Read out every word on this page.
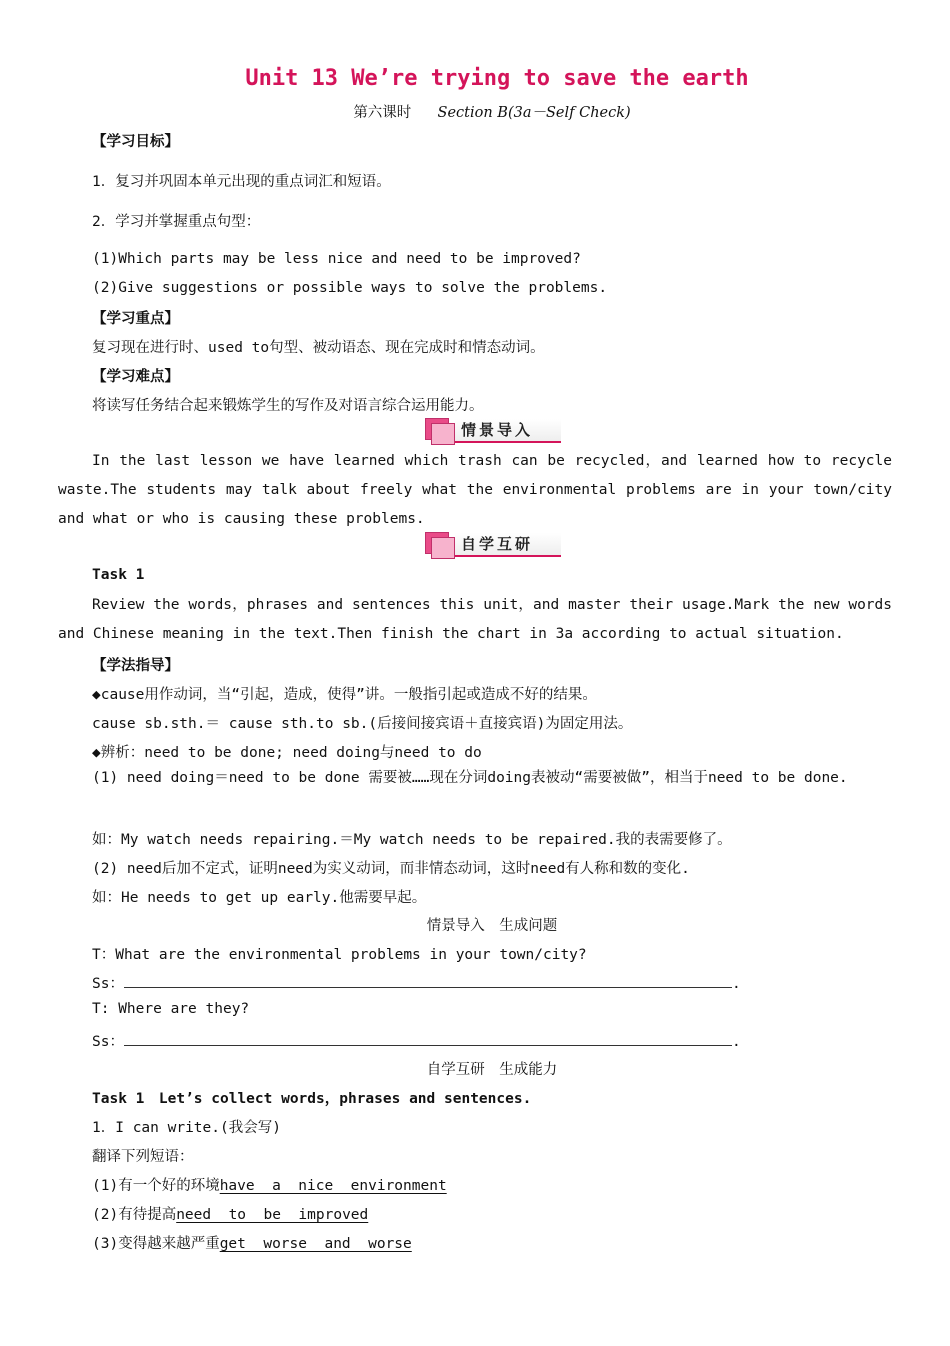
Unit 13 We’re trying to save the earth
第六课时 Section B(3a－Self Check)
【学习目标】
1．复习并巩固本单元出现的重点词汇和短语。
2．学习并掌握重点句型：
(1)Which parts may be less nice and need to be improved?
(2)Give suggestions or possible ways to solve the problems.
【学习重点】
复习现在进行时、used to句型、被动语态、现在完成时和情态动词。
【学习难点】
将读写任务结合起来锻炼学生的写作及对语言综合运用能力。
情景导入
In the last lesson we have learned which trash can be recycled，and learned how to recycle waste.The students may talk about freely what the environmental problems are in your town/city and what or who is causing these problems.
自学互研
Task 1
Review the words，phrases and sentences this unit，and master their usage.Mark the new words and Chinese meaning in the text.Then finish the chart in 3a according to actual situation.
【学法指导】
◆cause用作动词，当“引起，造成，使得”讲。一般指引起或造成不好的结果。
cause sb.sth.＝ cause sth.to sb.(后接间接宾语＋直接宾语)为固定用法。
◆辨析：need to be done; need doing与need to do
(1) need doing＝need to be done 需要被……现在分词doing表被动“需要被做”，相当于need to be done.
如：My watch needs repairing.＝My watch needs to be repaired.我的表需要修了。
(2) need后加不定式，证明need为实义动词，而非情态动词，这时need有人称和数的变化.
如：He needs to get up early.他需要早起。
情景导入　生成问题
T：What are the environmental problems in your town/city?
Ss：	.
T: Where are they?
Ss：	.
自学互研　生成能力
Task 1　Let’s collect words，phrases and sentences.
1．I can write.(我会写)
翻译下列短语：
(1)有一个好的环境have  a  nice  environment
(2)有待提高need  to  be  improved
(3)变得越来越严重get  worse  and  worse
